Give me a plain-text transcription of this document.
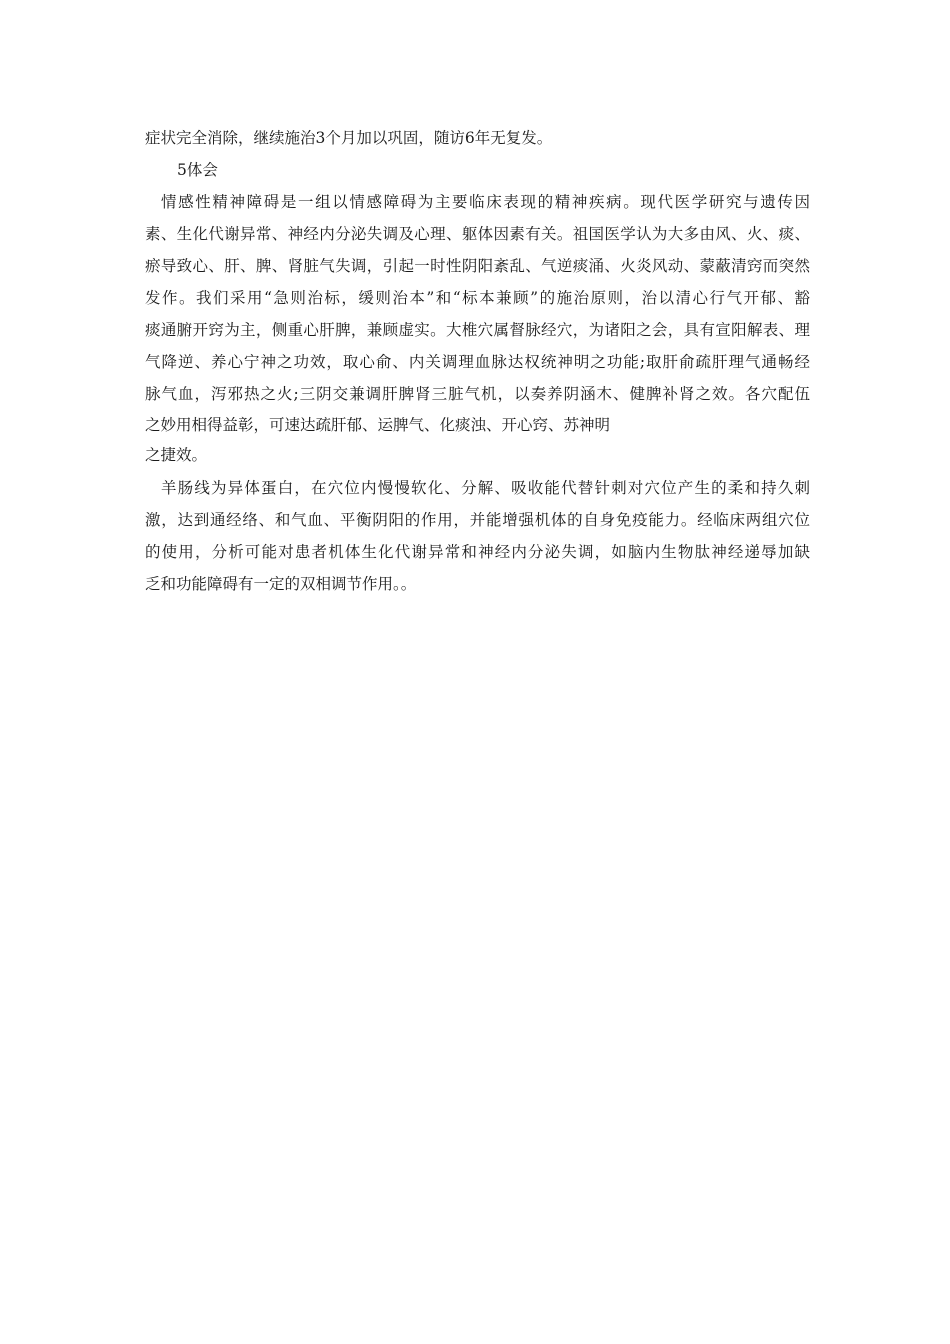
症状完全消除，继续施治3个月加以巩固，随访6年无复发。
5体会
情感性精神障碍是一组以情感障碍为主要临床表现的精神疾病。现代医学研究与遗传因
素、生化代谢异常、神经内分泌失调及心理、躯体因素有关。祖国医学认为大多由风、火、痰、
瘀导致心、肝、脾、肾脏气失调，引起一时性阴阳紊乱、气逆痰涌、火炎风动、蒙蔽清窍而突然
发作。我们采用“急则治标，缓则治本”和“标本兼顾”的施治原则，治以清心行气开郁、豁
痰通腑开窍为主，侧重心肝脾，兼顾虚实。大椎穴属督脉经穴，为诸阳之会，具有宣阳解表、理
气降逆、养心宁神之功效，取心俞、内关调理血脉达权统神明之功能;取肝俞疏肝理气通畅经
脉气血，泻邪热之火;三阴交兼调肝脾肾三脏气机，以奏养阴涵木、健脾补肾之效。各穴配伍
之妙用相得益彰，可速达疏肝郁、运脾气、化痰浊、开心窍、苏神明
之捷效。
羊肠线为异体蛋白，在穴位内慢慢软化、分解、吸收能代替针刺对穴位产生的柔和持久刺
激，达到通经络、和气血、平衡阴阳的作用，并能增强机体的自身免疫能力。经临床两组穴位
的使用，分析可能对患者机体生化代谢异常和神经内分泌失调，如脑内生物肽神经递辱加缺
乏和功能障碍有一定的双相调节作用。。
